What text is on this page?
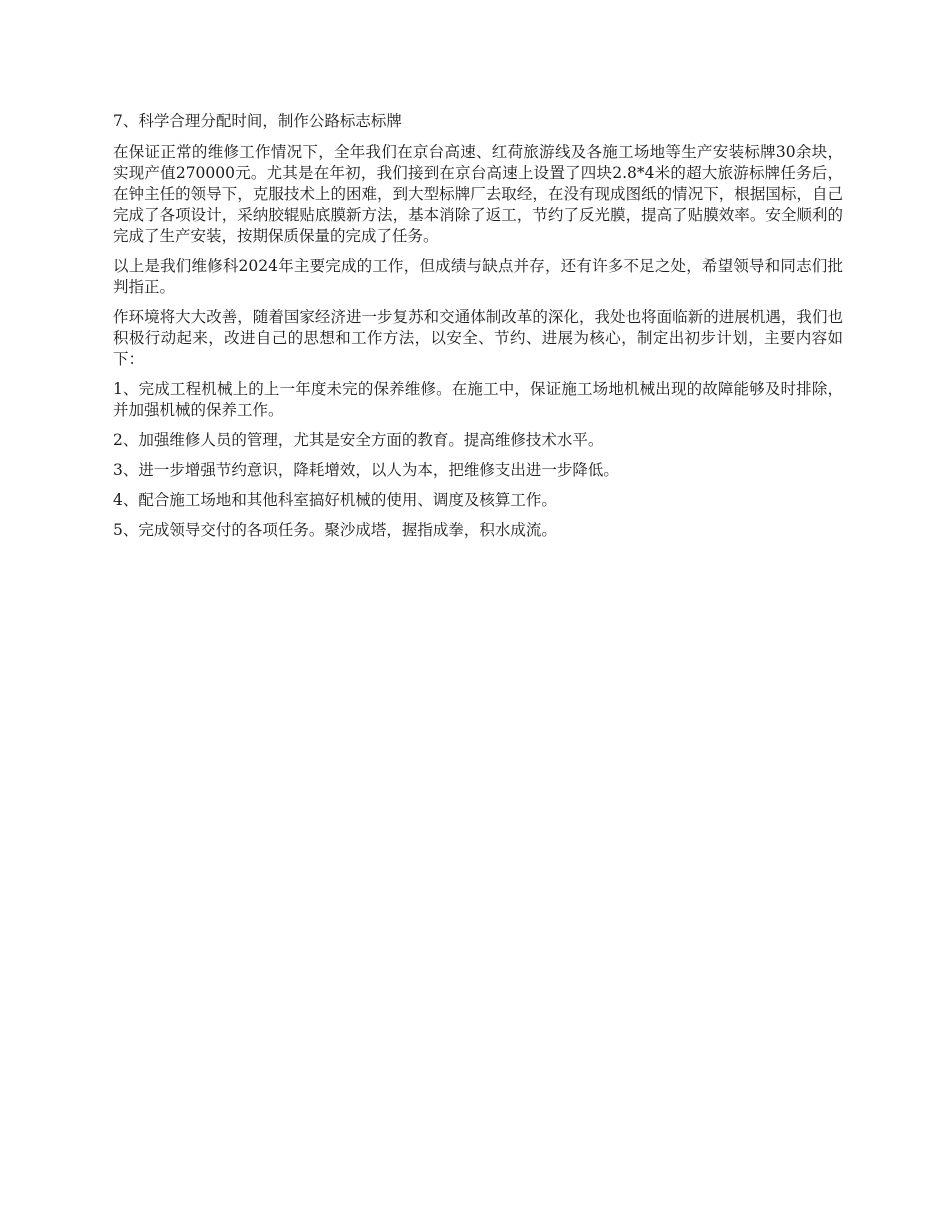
7、科学合理分配时间，制作公路标志标牌

在保证正常的维修工作情况下，全年我们在京台高速、红荷旅游线及各施工场地等生产安装标牌30余块，实现产值270000元。尤其是在年初，我们接到在京台高速上设置了四块2.8*4米的超大旅游标牌任务后，在钟主任的领导下，克服技术上的困难，到大型标牌厂去取经，在没有现成图纸的情况下，根据国标，自己完成了各项设计，采纳胶辊贴底膜新方法，基本消除了返工，节约了反光膜，提高了贴膜效率。安全顺利的完成了生产安装，按期保质保量的完成了任务。

以上是我们维修科2024年主要完成的工作，但成绩与缺点并存，还有许多不足之处，希望领导和同志们批判指正。

作环境将大大改善，随着国家经济进一步复苏和交通体制改革的深化，我处也将面临新的进展机遇，我们也积极行动起来，改进自己的思想和工作方法，以安全、节约、进展为核心，制定出初步计划，主要内容如下：

1、完成工程机械上的上一年度未完的保养维修。在施工中，保证施工场地机械出现的故障能够及时排除，并加强机械的保养工作。

2、加强维修人员的管理，尤其是安全方面的教育。提高维修技术水平。

3、进一步增强节约意识，降耗增效，以人为本，把维修支出进一步降低。

4、配合施工场地和其他科室搞好机械的使用、调度及核算工作。

5、完成领导交付的各项任务。聚沙成塔，握指成拳，积水成流。
